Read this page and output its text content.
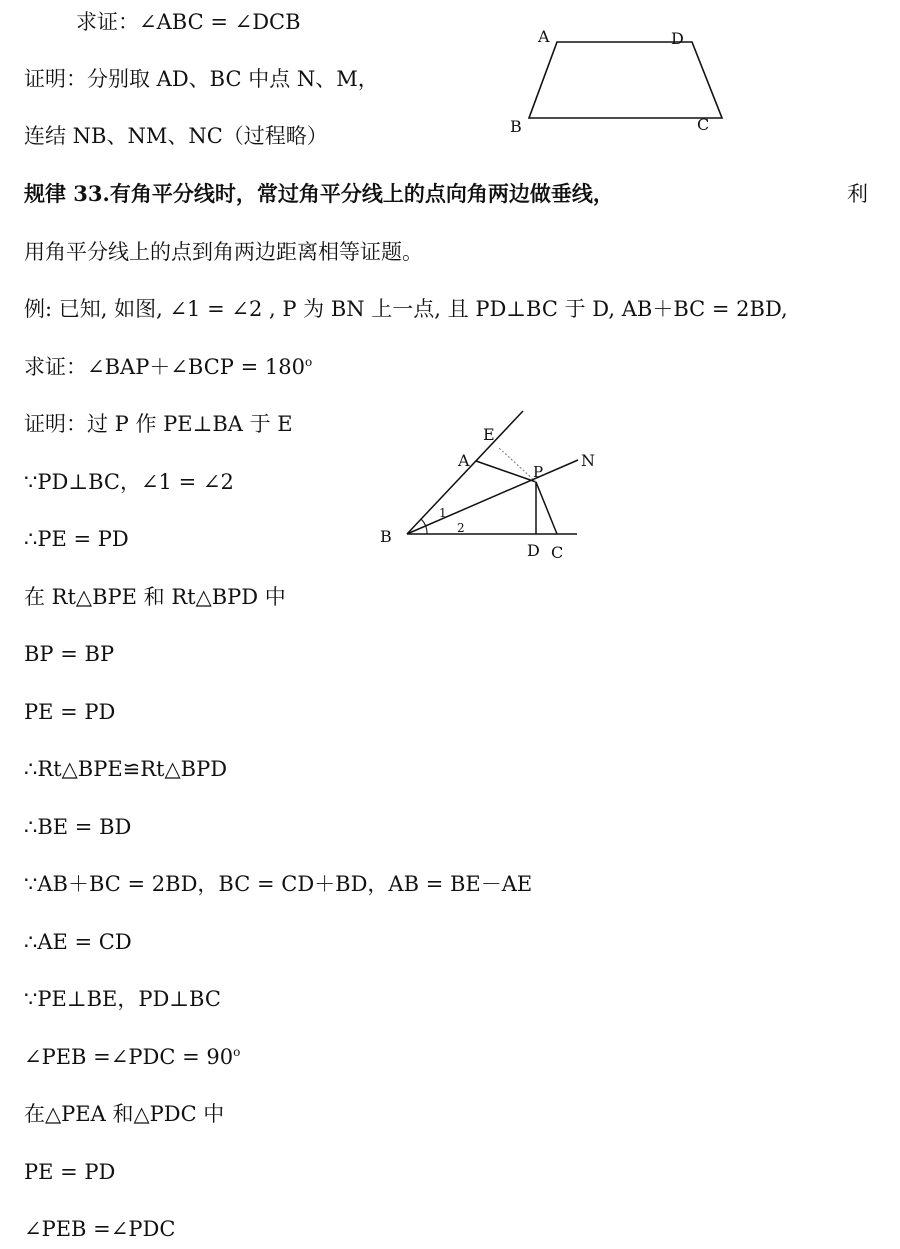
求证：∠ABC = ∠DCB
证明：分别取 AD、BC 中点 N、M，
连结 NB、NM、NC（过程略）
规律 33.有角平分线时，常过角平分线上的点向角两边做垂线，	利
用角平分线上的点到角两边距离相等证题。
例: 已知, 如图, ∠1 = ∠2 , P 为 BN 上一点, 且 PD⊥BC 于 D, AB＋BC = 2BD,
求证：∠BAP＋∠BCP = $180^o$
证明：过 P 作 PE⊥BA 于 E
∵PD⊥BC，∠1 = ∠2
∴PE = PD
在 Rt△BPE 和 Rt△BPD 中
BP = BP
PE = PD
∴Rt△BPE≌Rt△BPD
∴BE = BD
∵AB＋BC = 2BD，BC = CD＋BD，AB = BE－AE
∴AE = CD
∵PE⊥BE，PD⊥BC
∠PEB =∠PDC = $90^o$
在△PEA 和△PDC 中
PE = PD
∠PEB =∠PDC
A	D
B	C
E
A
P
N
B
D C
1
2
